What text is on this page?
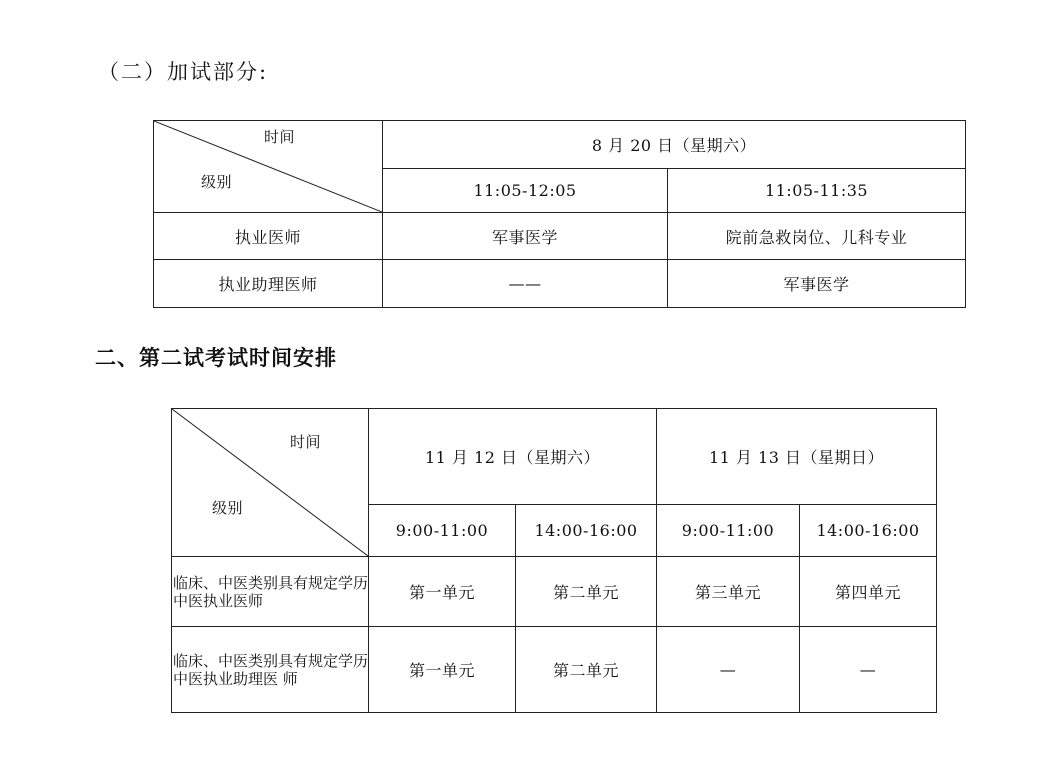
（二）加试部分:
时间
级别	8 月 20 日（星期六）	
	11:05-12:05	11:05-11:35
执业医师	军事医学	院前急救岗位、儿科专业
执业助理医师	——	军事医学
二、第二试考试时间安排
时间
级别	11 月 12 日（星期六）		11 月 13 日（星期日）	
	9:00-11:00	14:00-16:00	9:00-11:00	14:00-16:00
临床、中医类别具有规定学历中医执业医师	第一单元	第二单元	第三单元	第四单元
临床、中医类别具有规定学历中医执业助理医 师	第一单元	第二单元	—	—
